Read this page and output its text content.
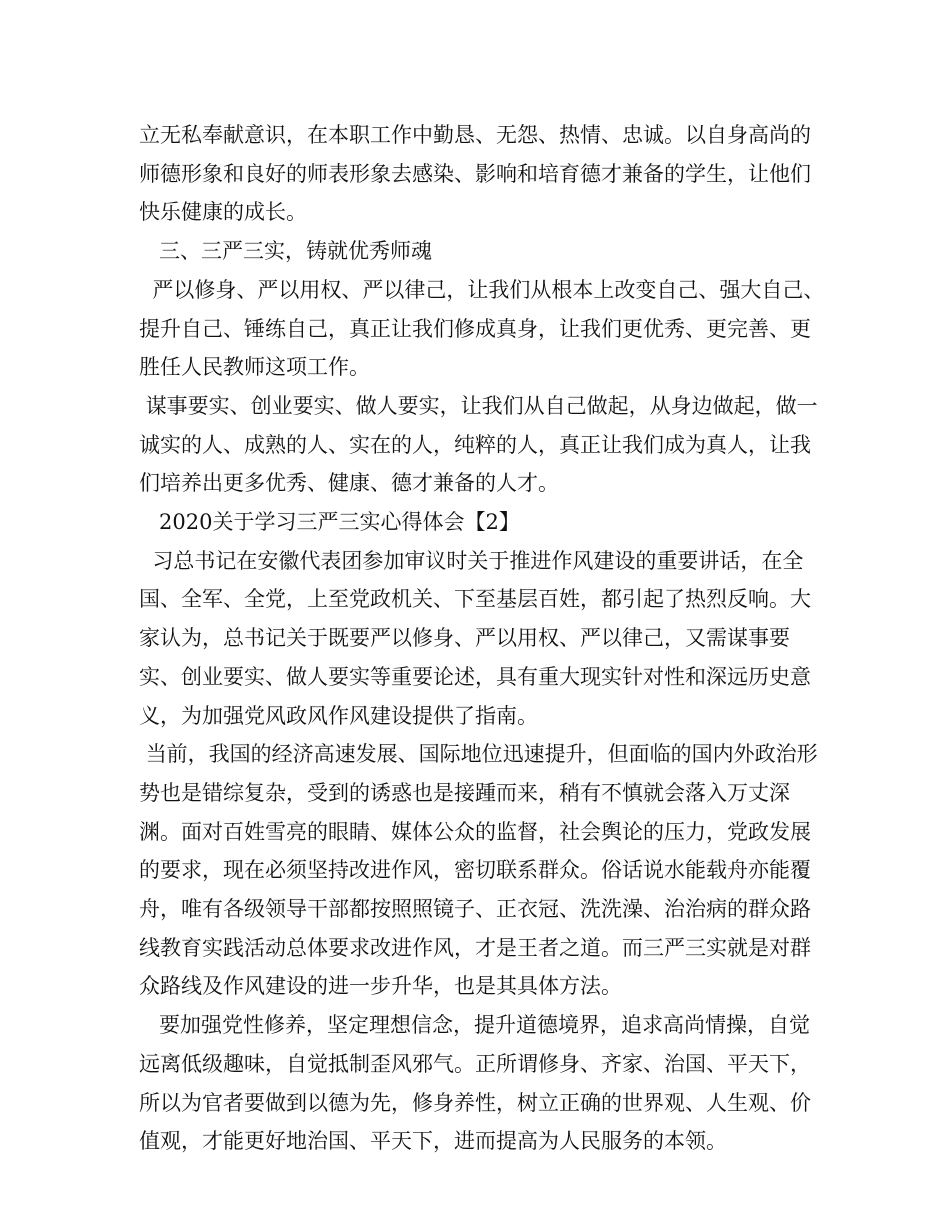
立无私奉献意识，在本职工作中勤恳、无怨、热情、忠诚。以自身高尚的师德形象和良好的师表形象去感染、影响和培育德才兼备的学生，让他们快乐健康的成长。

三、三严三实，铸就优秀师魂

严以修身、严以用权、严以律己，让我们从根本上改变自己、强大自己、提升自己、锤练自己，真正让我们修成真身，让我们更优秀、更完善、更胜任人民教师这项工作。

谋事要实、创业要实、做人要实，让我们从自己做起，从身边做起，做一诚实的人、成熟的人、实在的人，纯粹的人，真正让我们成为真人，让我们培养出更多优秀、健康、德才兼备的人才。

2020关于学习三严三实心得体会【2】

习总书记在安徽代表团参加审议时关于推进作风建设的重要讲话，在全国、全军、全党，上至党政机关、下至基层百姓，都引起了热烈反响。大家认为，总书记关于既要严以修身、严以用权、严以律己，又需谋事要实、创业要实、做人要实等重要论述，具有重大现实针对性和深远历史意义，为加强党风政风作风建设提供了指南。

当前，我国的经济高速发展、国际地位迅速提升，但面临的国内外政治形势也是错综复杂，受到的诱惑也是接踵而来，稍有不慎就会落入万丈深渊。面对百姓雪亮的眼睛、媒体公众的监督，社会舆论的压力，党政发展的要求，现在必须坚持改进作风，密切联系群众。俗话说水能载舟亦能覆舟，唯有各级领导干部都按照照镜子、正衣冠、洗洗澡、治治病的群众路线教育实践活动总体要求改进作风，才是王者之道。而三严三实就是对群众路线及作风建设的进一步升华，也是其具体方法。

要加强党性修养，坚定理想信念，提升道德境界，追求高尚情操，自觉远离低级趣味，自觉抵制歪风邪气。正所谓修身、齐家、治国、平天下，所以为官者要做到以德为先，修身养性，树立正确的世界观、人生观、价值观，才能更好地治国、平天下，进而提高为人民服务的本领。
